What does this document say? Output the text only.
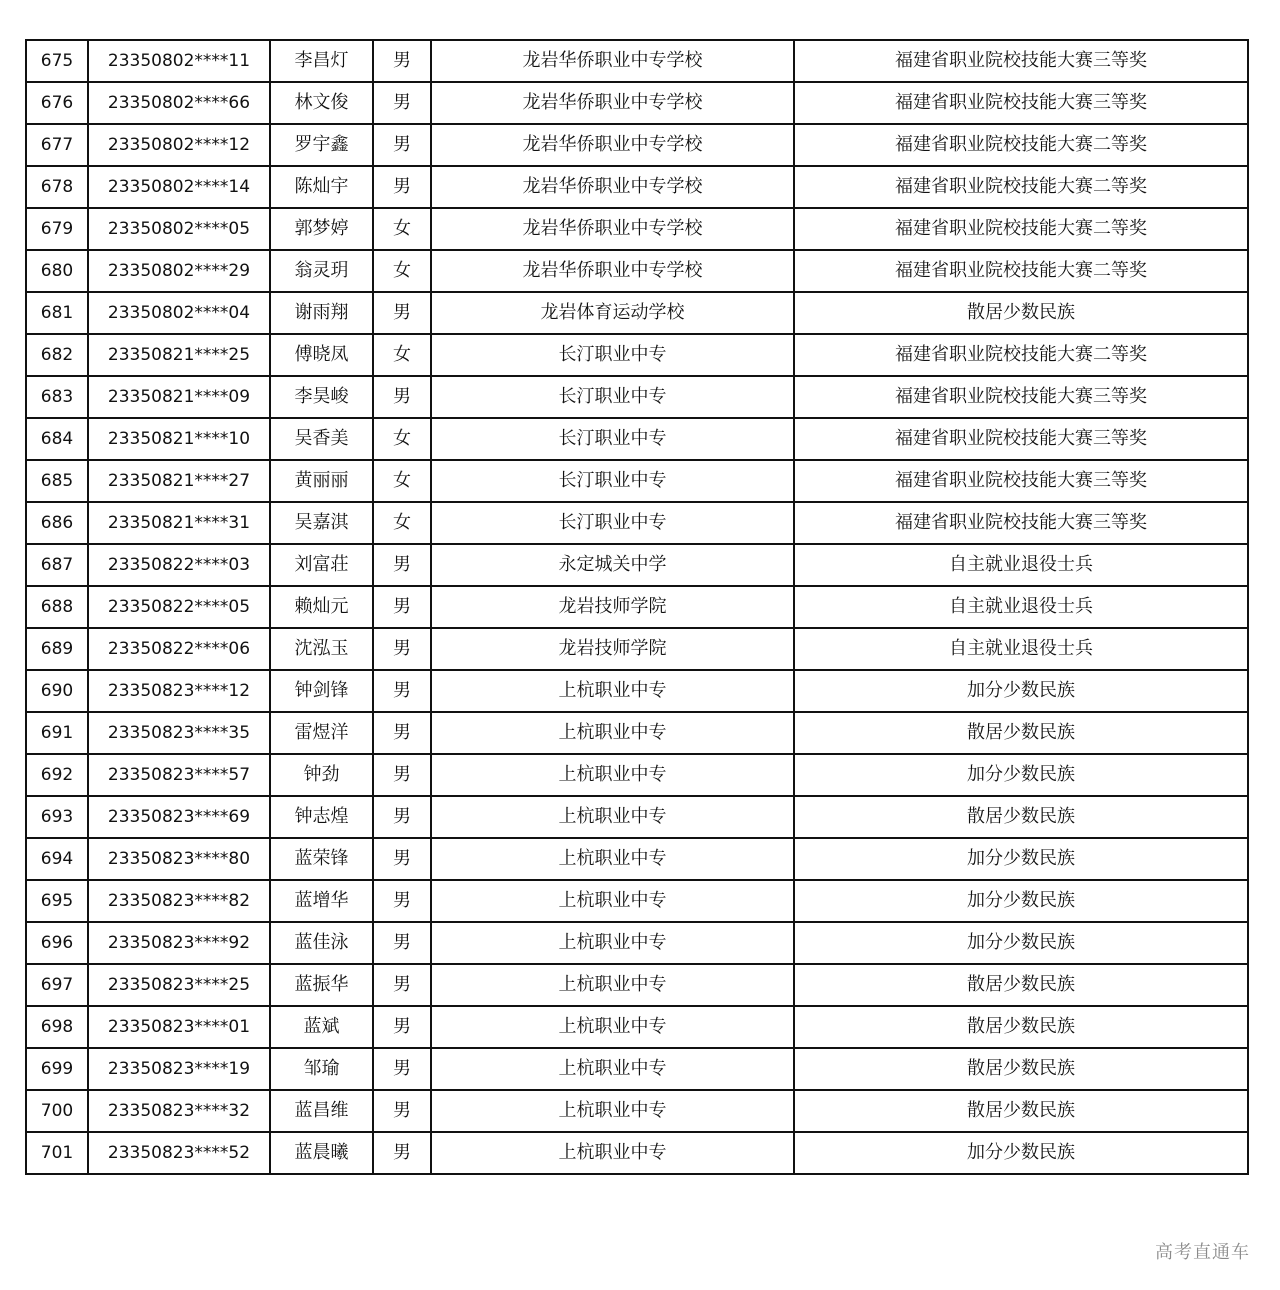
675	23350802****11	李昌灯	男	龙岩华侨职业中专学校	福建省职业院校技能大赛三等奖
676	23350802****66	林文俊	男	龙岩华侨职业中专学校	福建省职业院校技能大赛三等奖
677	23350802****12	罗宇鑫	男	龙岩华侨职业中专学校	福建省职业院校技能大赛二等奖
678	23350802****14	陈灿宇	男	龙岩华侨职业中专学校	福建省职业院校技能大赛二等奖
679	23350802****05	郭梦婷	女	龙岩华侨职业中专学校	福建省职业院校技能大赛二等奖
680	23350802****29	翁灵玥	女	龙岩华侨职业中专学校	福建省职业院校技能大赛二等奖
681	23350802****04	谢雨翔	男	龙岩体育运动学校	散居少数民族
682	23350821****25	傅晓凤	女	长汀职业中专	福建省职业院校技能大赛二等奖
683	23350821****09	李昊峻	男	长汀职业中专	福建省职业院校技能大赛三等奖
684	23350821****10	吴香美	女	长汀职业中专	福建省职业院校技能大赛三等奖
685	23350821****27	黄丽丽	女	长汀职业中专	福建省职业院校技能大赛三等奖
686	23350821****31	吴嘉淇	女	长汀职业中专	福建省职业院校技能大赛三等奖
687	23350822****03	刘富荘	男	永定城关中学	自主就业退役士兵
688	23350822****05	赖灿元	男	龙岩技师学院	自主就业退役士兵
689	23350822****06	沈泓玉	男	龙岩技师学院	自主就业退役士兵
690	23350823****12	钟剑锋	男	上杭职业中专	加分少数民族
691	23350823****35	雷煜洋	男	上杭职业中专	散居少数民族
692	23350823****57	钟劲	男	上杭职业中专	加分少数民族
693	23350823****69	钟志煌	男	上杭职业中专	散居少数民族
694	23350823****80	蓝荣锋	男	上杭职业中专	加分少数民族
695	23350823****82	蓝增华	男	上杭职业中专	加分少数民族
696	23350823****92	蓝佳泳	男	上杭职业中专	加分少数民族
697	23350823****25	蓝振华	男	上杭职业中专	散居少数民族
698	23350823****01	蓝斌	男	上杭职业中专	散居少数民族
699	23350823****19	邹瑜	男	上杭职业中专	散居少数民族
700	23350823****32	蓝昌维	男	上杭职业中专	散居少数民族
701	23350823****52	蓝晨曦	男	上杭职业中专	加分少数民族
高考直通车
